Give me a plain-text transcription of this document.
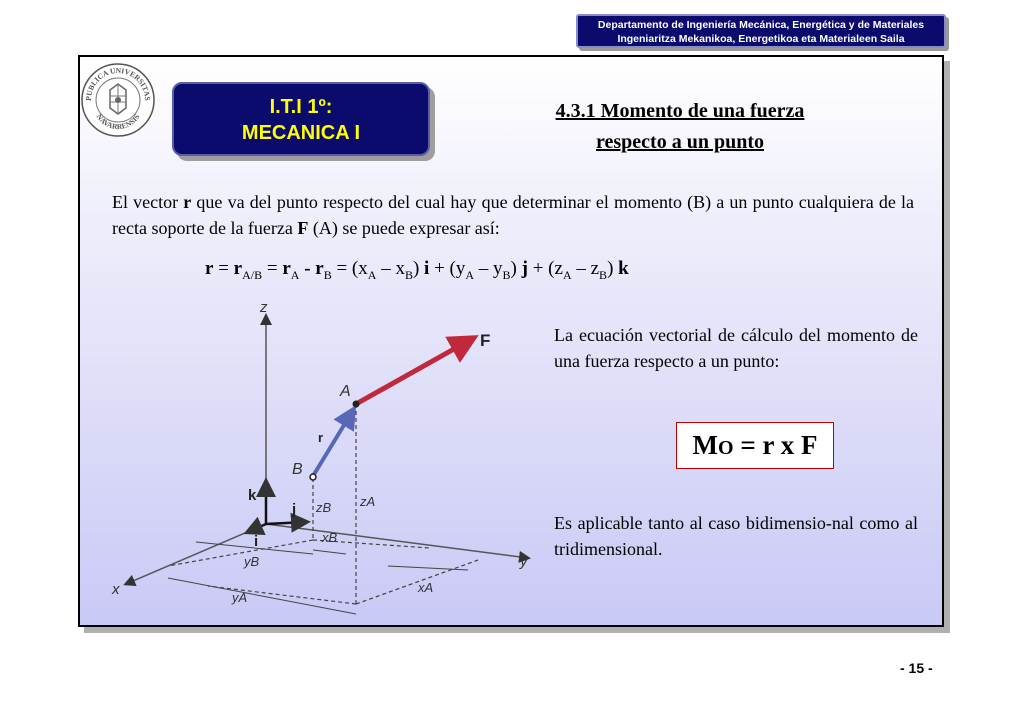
Departamento de Ingeniería Mecánica, Energética y de Materiales
Ingeniaritza Mekanikoa, Energetikoa eta Materialeen Saila
PUBLICA UNIVERSITAS
NAVARRENSIS	I.T.I 1º:
MECANICA I
4.3.1 Momento de una fuerza
respecto a un punto
El vector r que va del punto respecto del cual hay que determinar el momento (B) a un punto cualquiera de la recta soporte de la fuerza F (A) se puede expresar así:
$r = r_{A/B} = r_A - r_B = (x_A - x_B) i + (y_A - y_B) j + (z_A - z_B)$ k
z
x
y
A
B
zB zA
xB
yB
yA
xA
F
r
k
j
i
La ecuación vectorial de cálculo del momento de una fuerza respecto a un punto:
MO = r x F
Es aplicable tanto al caso bidimensio-nal como al tridimensional.
- 15 -
